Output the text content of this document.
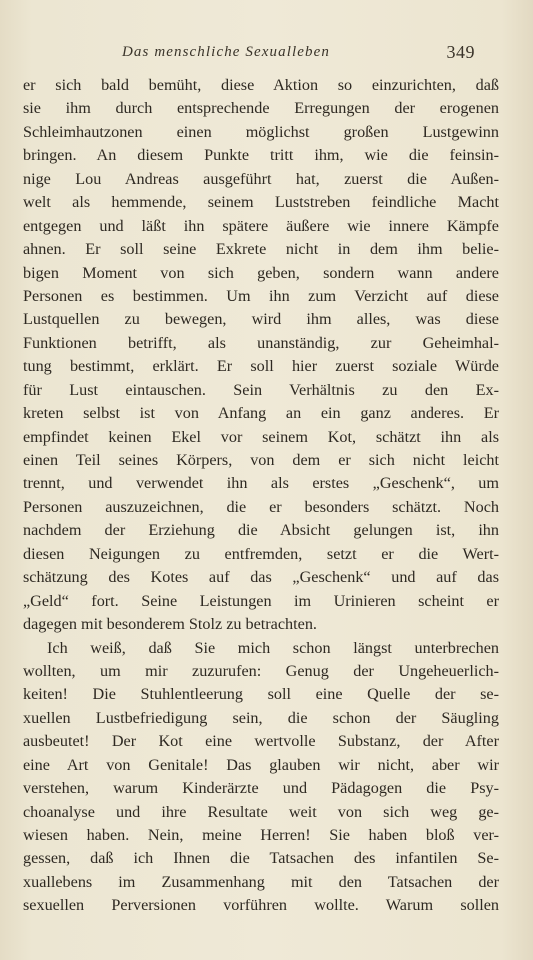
Das menschliche Sexualleben	349
er sich bald bemüht, diese Aktion so einzurichten, daß
sie ihm durch entsprechende Erregungen der erogenen
Schleimhautzonen einen möglichst großen Lustgewinn
bringen. An diesem Punkte tritt ihm, wie die feinsin-
nige Lou Andreas ausgeführt hat, zuerst die Außen-
welt als hemmende, seinem Luststreben feindliche Macht
entgegen und läßt ihn spätere äußere wie innere Kämpfe
ahnen. Er soll seine Exkrete nicht in dem ihm belie-
bigen Moment von sich geben, sondern wann andere
Personen es bestimmen. Um ihn zum Verzicht auf diese
Lustquellen zu bewegen, wird ihm alles, was diese
Funktionen betrifft, als unanständig, zur Geheimhal-
tung bestimmt, erklärt. Er soll hier zuerst soziale Würde
für Lust eintauschen. Sein Verhältnis zu den Ex-
kreten selbst ist von Anfang an ein ganz anderes. Er
empfindet keinen Ekel vor seinem Kot, schätzt ihn als
einen Teil seines Körpers, von dem er sich nicht leicht
trennt, und verwendet ihn als erstes „Geschenk“, um
Personen auszuzeichnen, die er besonders schätzt. Noch
nachdem der Erziehung die Absicht gelungen ist, ihn
diesen Neigungen zu entfremden, setzt er die Wert-
schätzung des Kotes auf das „Geschenk“ und auf das
„Geld“ fort. Seine Leistungen im Urinieren scheint er
dagegen mit besonderem Stolz zu betrachten.
Ich weiß, daß Sie mich schon längst unterbrechen
wollten, um mir zuzurufen: Genug der Ungeheuerlich-
keiten! Die Stuhlentleerung soll eine Quelle der se-
xuellen Lustbefriedigung sein, die schon der Säugling
ausbeutet! Der Kot eine wertvolle Substanz, der After
eine Art von Genitale! Das glauben wir nicht, aber wir
verstehen, warum Kinderärzte und Pädagogen die Psy-
choanalyse und ihre Resultate weit von sich weg ge-
wiesen haben. Nein, meine Herren! Sie haben bloß ver-
gessen, daß ich Ihnen die Tatsachen des infantilen Se-
xuallebens im Zusammenhang mit den Tatsachen der
sexuellen Perversionen vorführen wollte. Warum sollen
